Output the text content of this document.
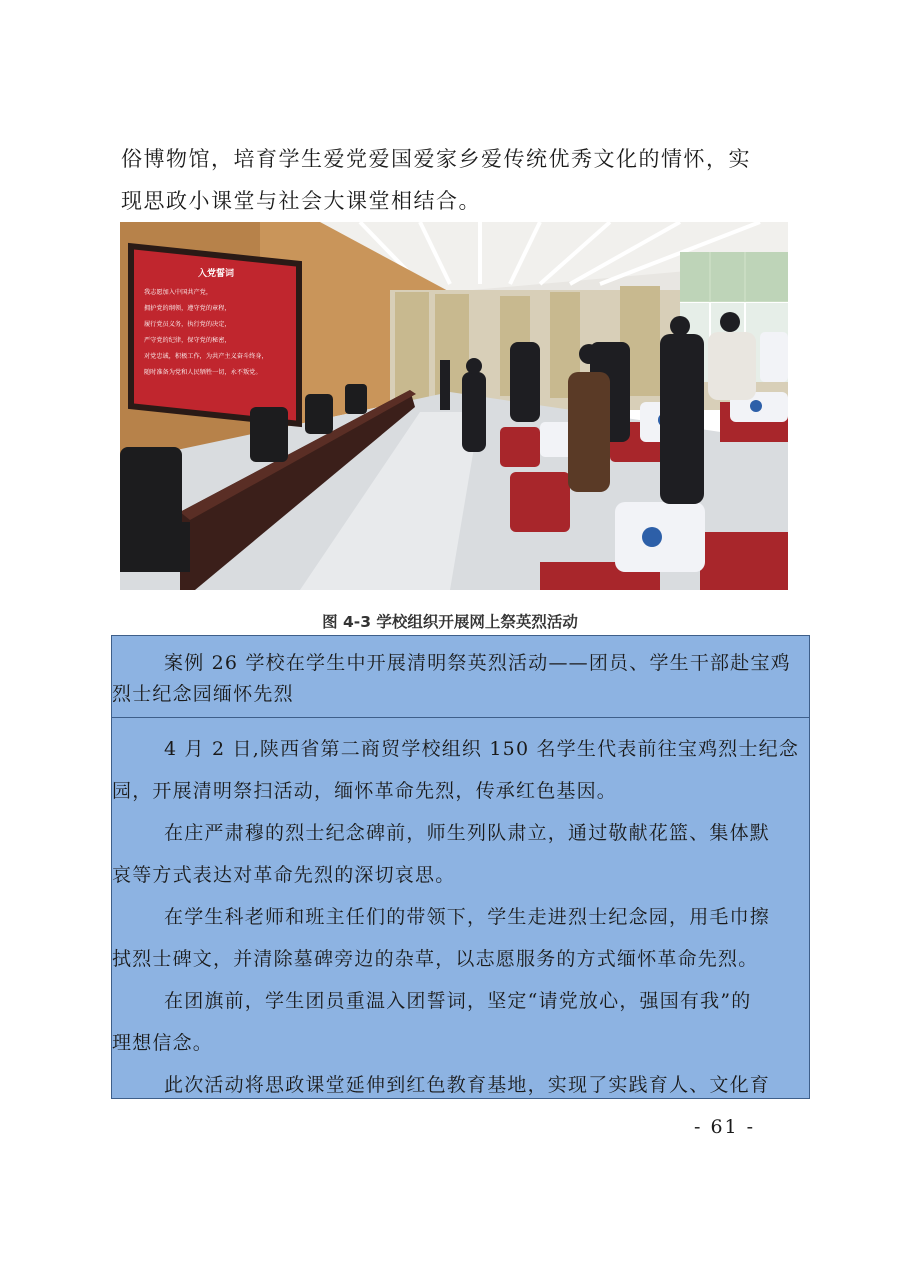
俗博物馆，培育学生爱党爱国爱家乡爱传统优秀文化的情怀，实
现思政小课堂与社会大课堂相结合。

入党誓词
我志愿加入中国共产党，
拥护党的纲领，遵守党的章程，
履行党员义务，执行党的决定，
严守党的纪律，保守党的秘密，
对党忠诚，积极工作，为共产主义奋斗终身，
随时准备为党和人民牺牲一切，永不叛党。

图 4-3 学校组织开展网上祭英烈活动

案例 26 学校在学生中开展清明祭英烈活动——团员、学生干部赴宝鸡
烈士纪念园缅怀先烈

4 月 2 日,陕西省第二商贸学校组织 150 名学生代表前往宝鸡烈士纪念
园，开展清明祭扫活动，缅怀革命先烈，传承红色基因。

在庄严肃穆的烈士纪念碑前，师生列队肃立，通过敬献花篮、集体默
哀等方式表达对革命先烈的深切哀思。

在学生科老师和班主任们的带领下，学生走进烈士纪念园，用毛巾擦
拭烈士碑文，并清除墓碑旁边的杂草，以志愿服务的方式缅怀革命先烈。

在团旗前，学生团员重温入团誓词，坚定“请党放心，强国有我”的
理想信念。

此次活动将思政课堂延伸到红色教育基地，实现了实践育人、文化育

- 61 -
